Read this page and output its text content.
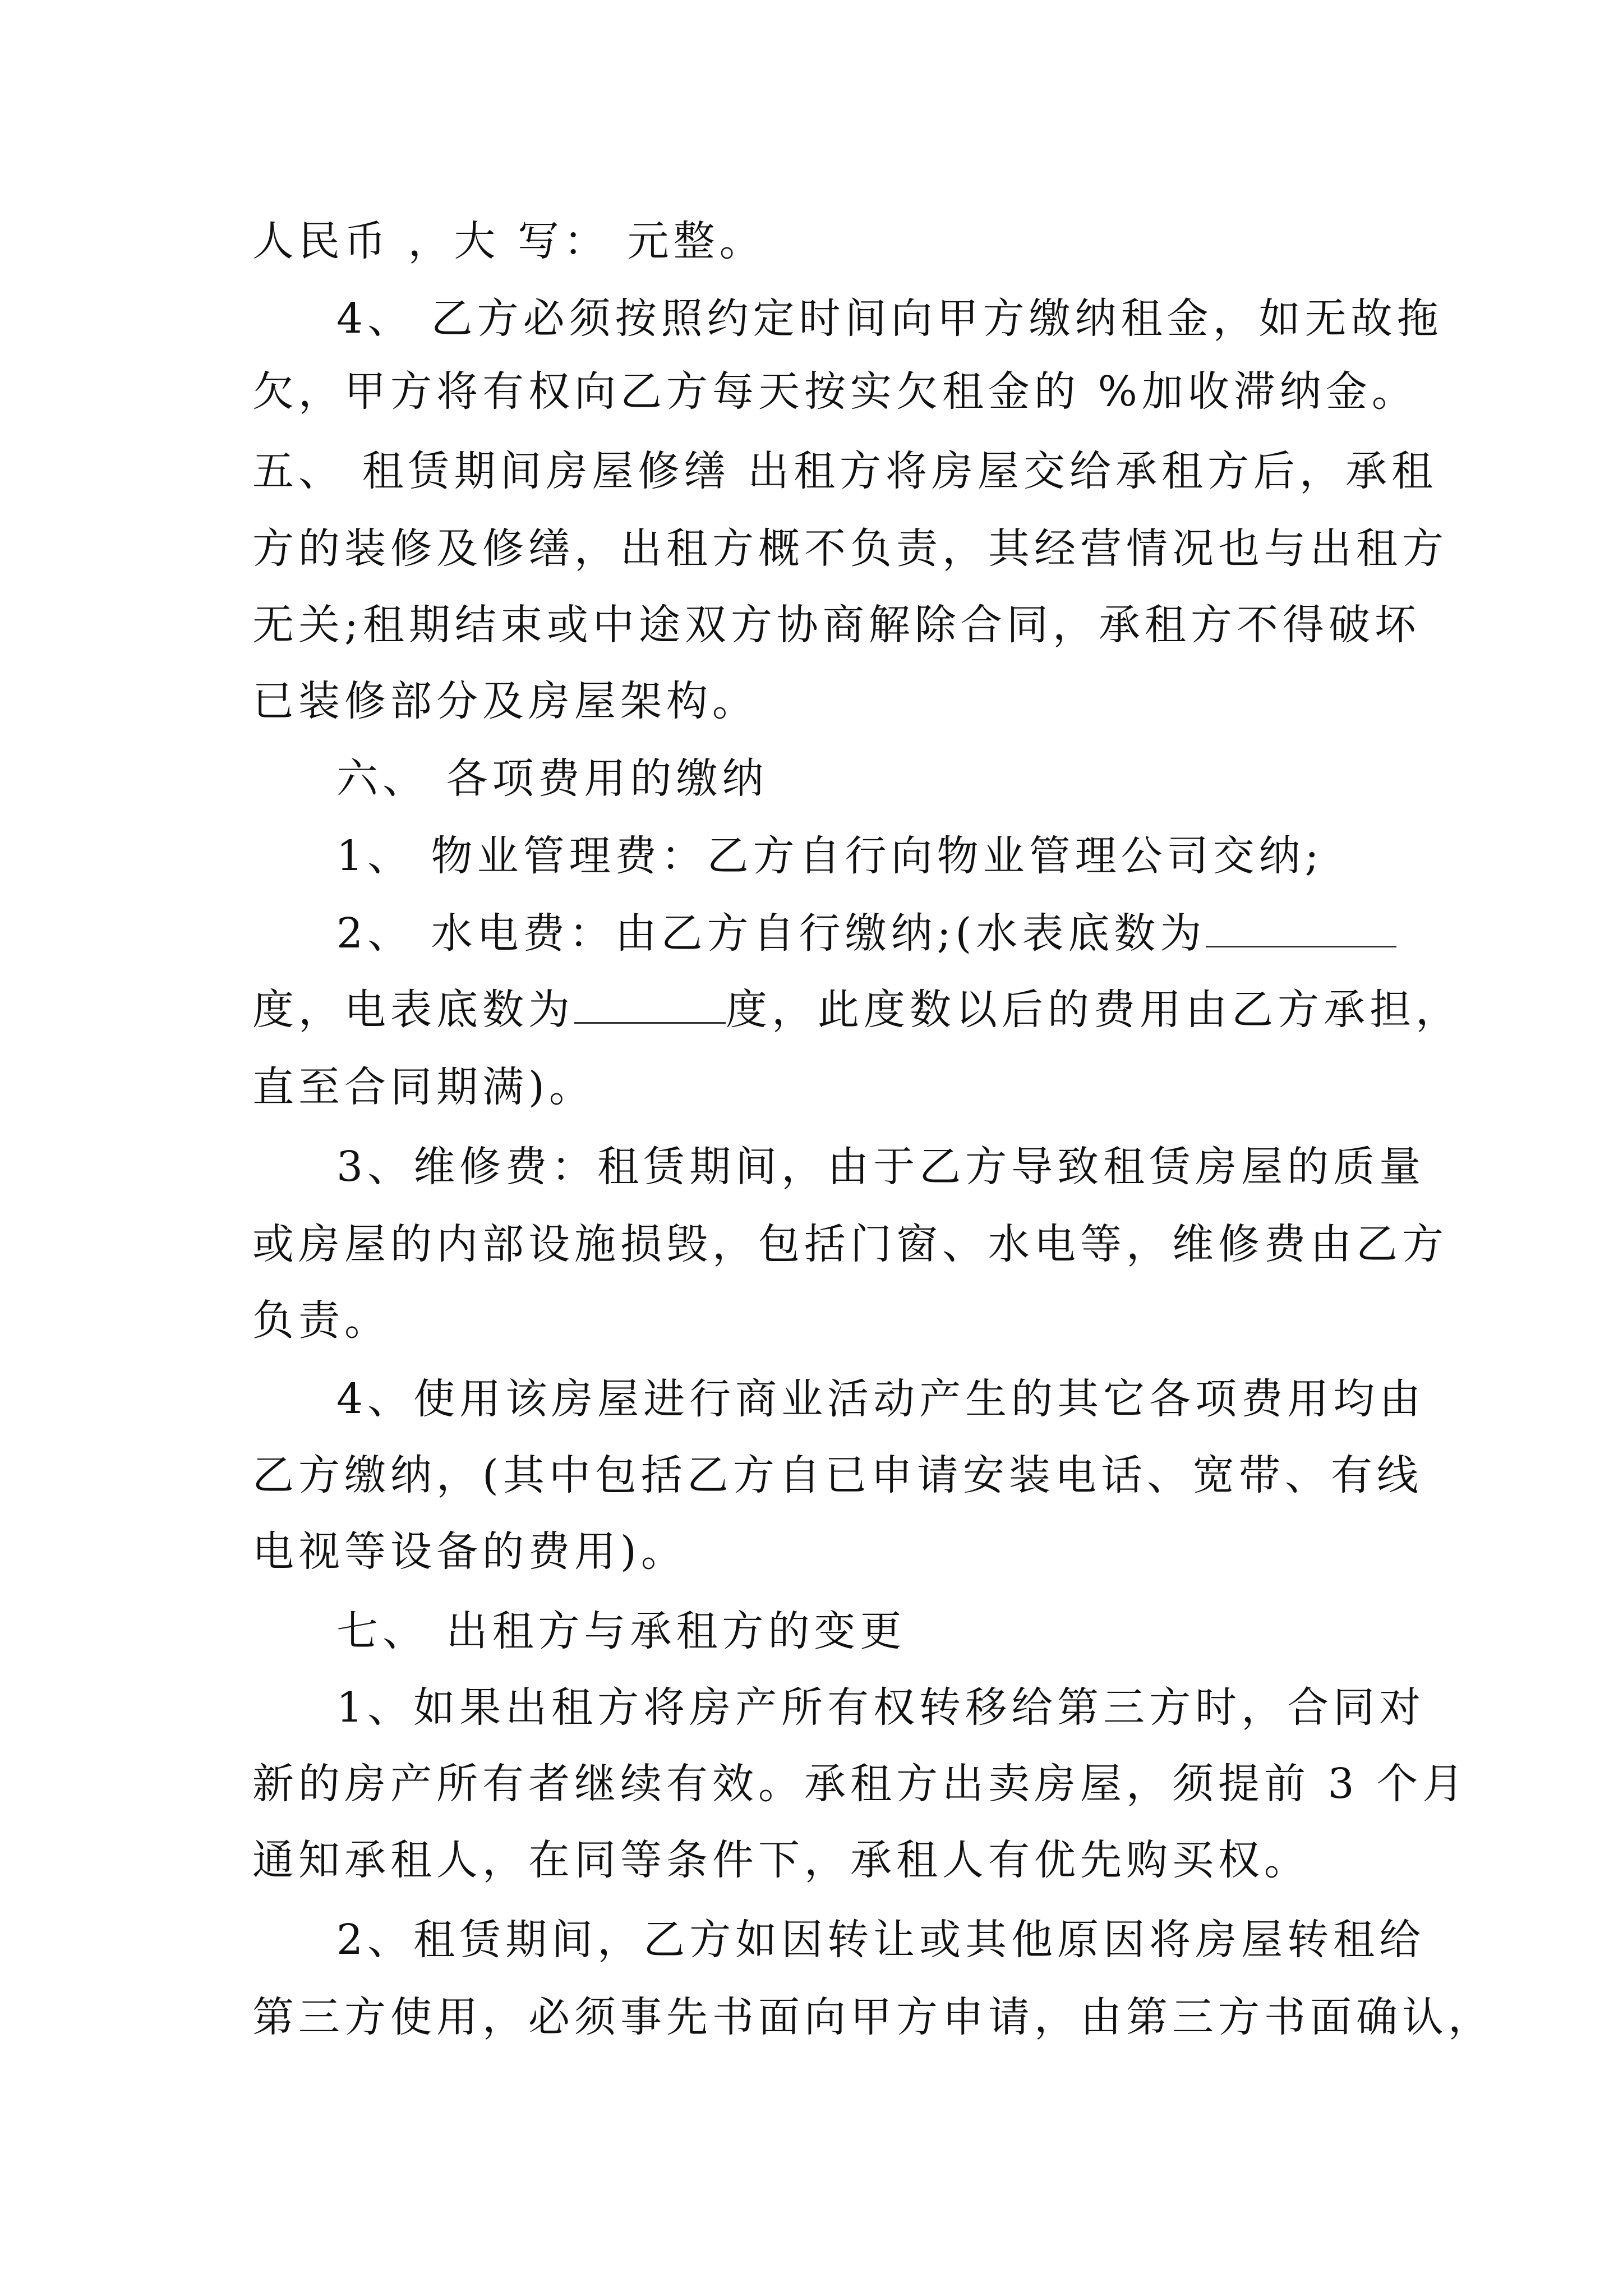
人民币 ，大 写： 元整。
4、 乙方必须按照约定时间向甲方缴纳租金，如无故拖
欠，甲方将有权向乙方每天按实欠租金的 %加收滞纳金。
五、 租赁期间房屋修缮 出租方将房屋交给承租方后，承租
方的装修及修缮，出租方概不负责，其经营情况也与出租方
无关;租期结束或中途双方协商解除合同，承租方不得破坏
已装修部分及房屋架构。
六、 各项费用的缴纳
1、 物业管理费：乙方自行向物业管理公司交纳;
2、 水电费：由乙方自行缴纳;(水表底数为
度，电表底数为	度，此度数以后的费用由乙方承担，
直至合同期满)。
3、维修费：租赁期间，由于乙方导致租赁房屋的质量
或房屋的内部设施损毁，包括门窗、水电等，维修费由乙方
负责。
4、使用该房屋进行商业活动产生的其它各项费用均由
乙方缴纳，(其中包括乙方自已申请安装电话、宽带、有线
电视等设备的费用)。
七、 出租方与承租方的变更
1、如果出租方将房产所有权转移给第三方时，合同对
新的房产所有者继续有效。承租方出卖房屋，须提前 3 个月
通知承租人，在同等条件下，承租人有优先购买权。
2、租赁期间，乙方如因转让或其他原因将房屋转租给
第三方使用，必须事先书面向甲方申请，由第三方书面确认，
